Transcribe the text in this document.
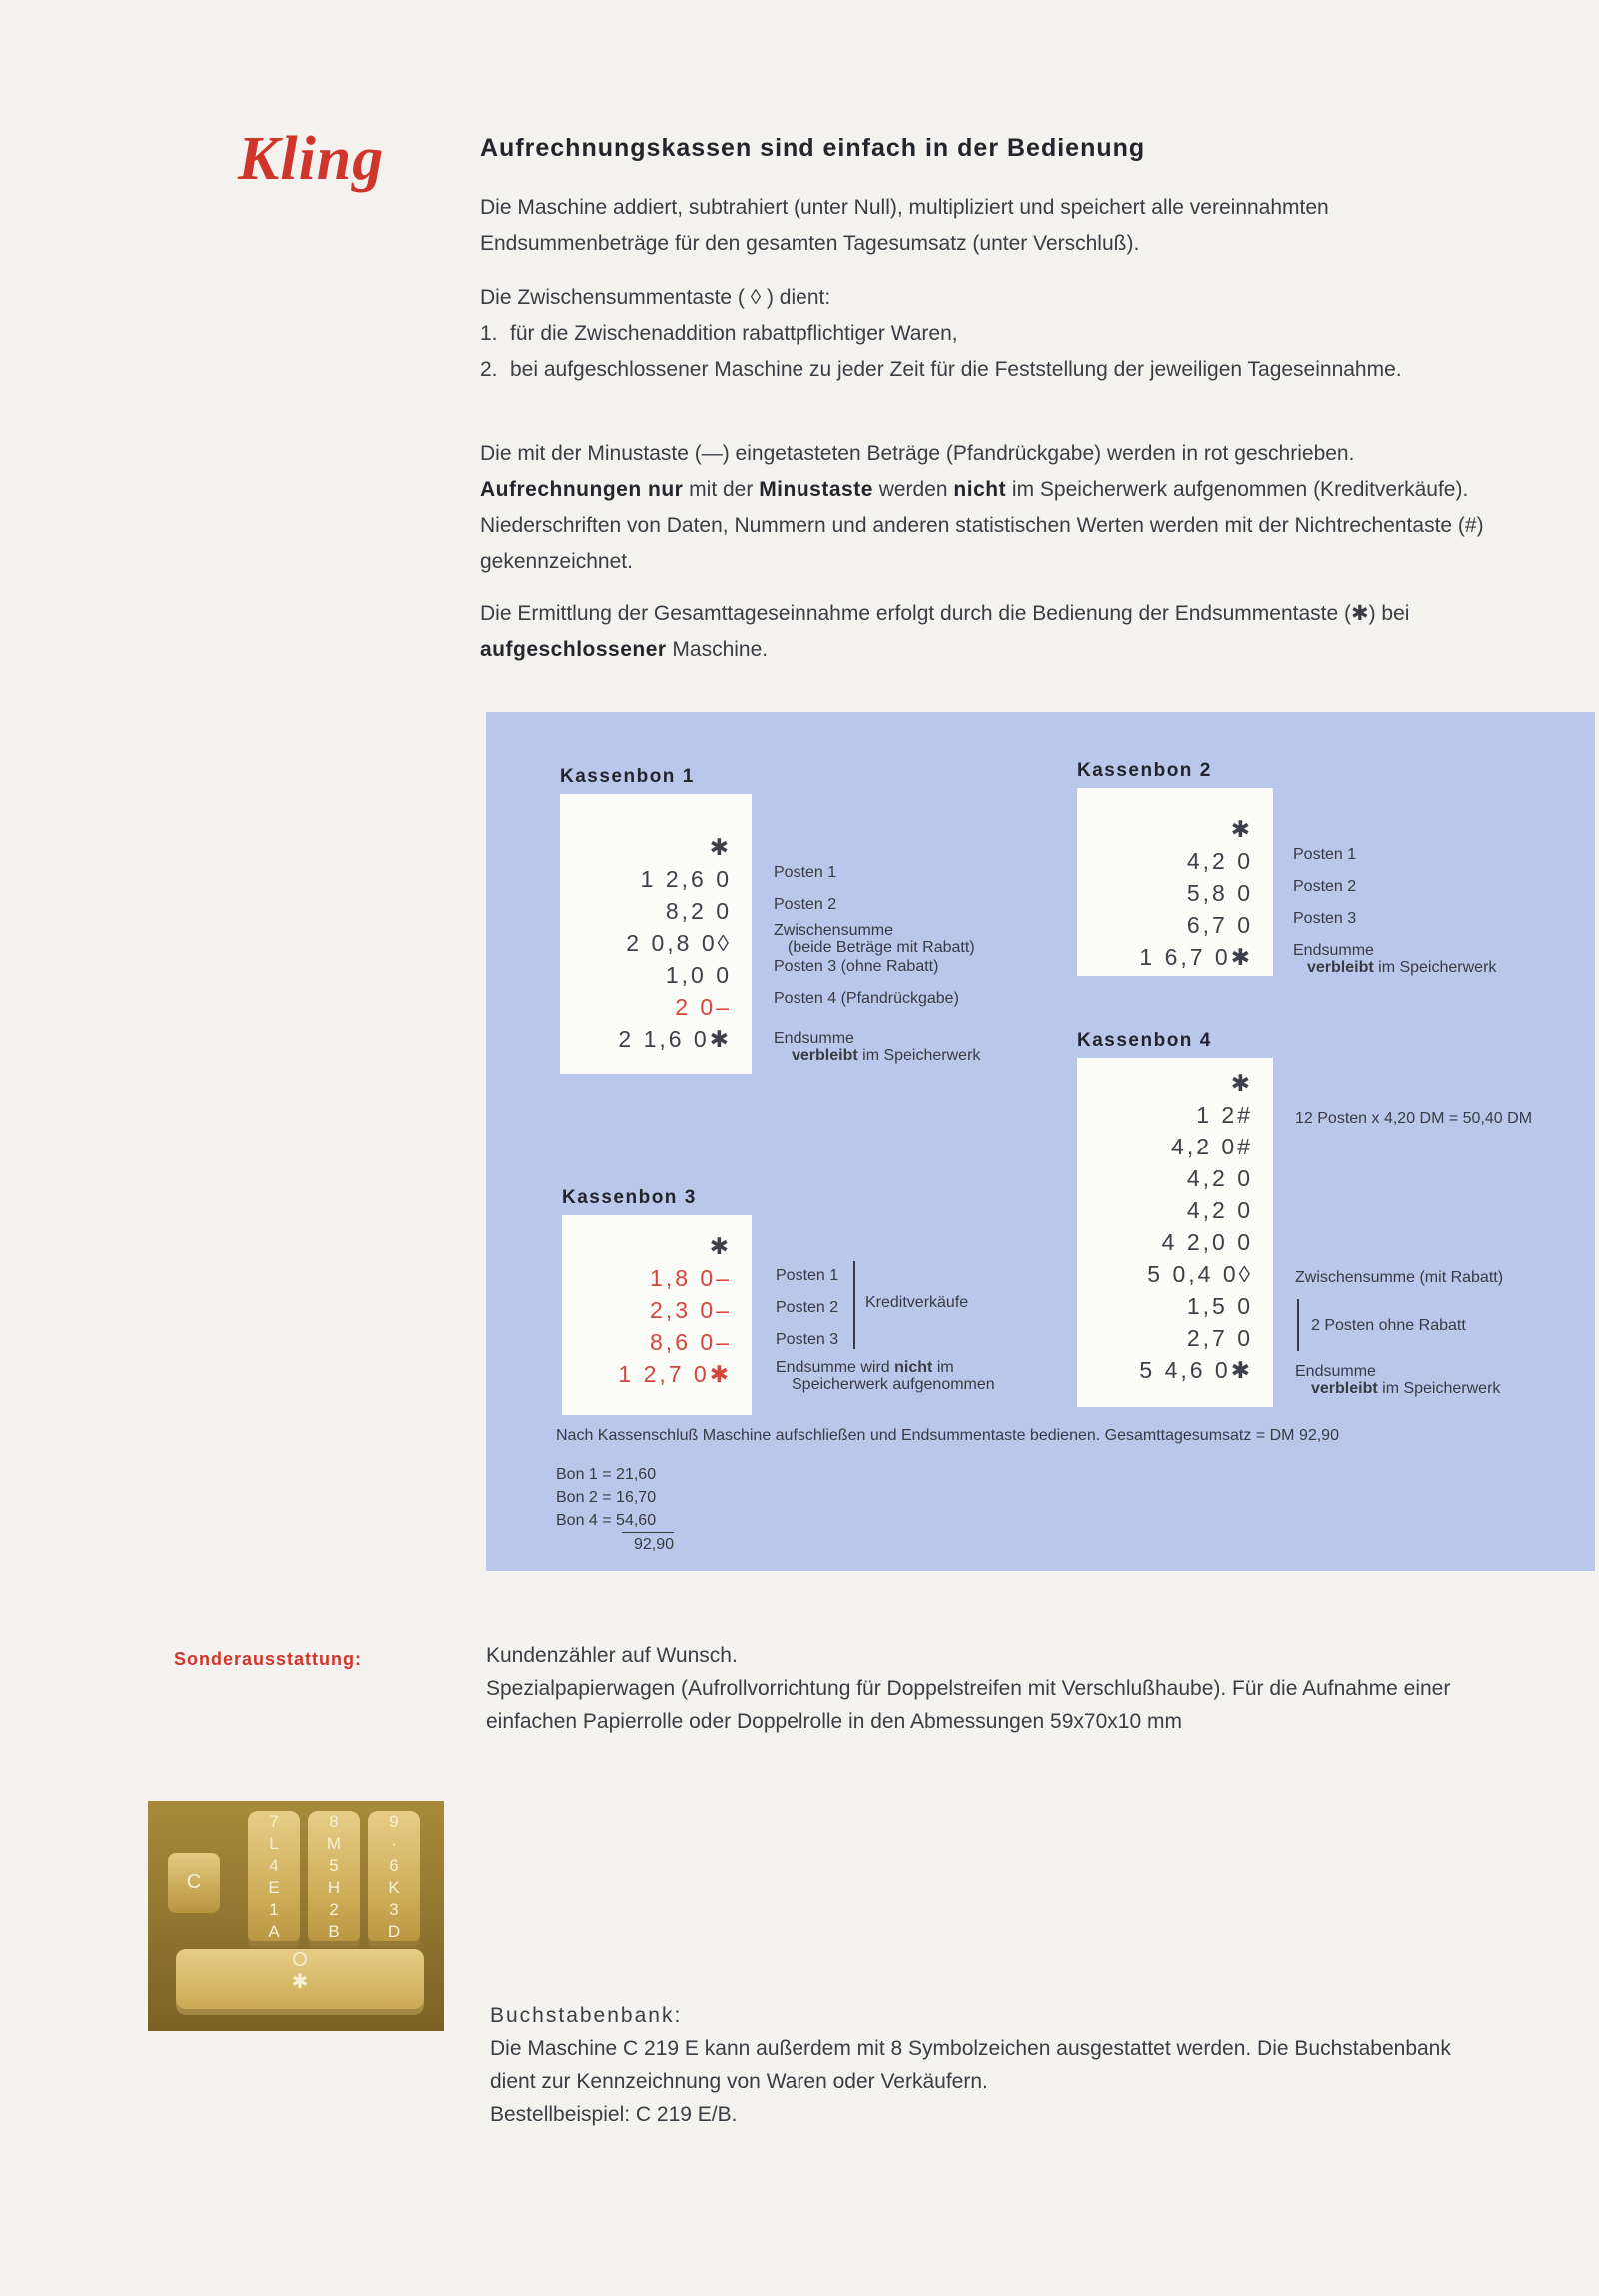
Kling	Aufrechnungskassen sind einfach in der Bedienung
Die Maschine addiert, subtrahiert (unter Null), multipliziert und speichert alle vereinnahmten Endsummenbeträge für den gesamten Tagesumsatz (unter Verschluß).
Die Zwischensummentaste ( ◊ ) dient:
1. für die Zwischenaddition rabattpflichtiger Waren,
2. bei aufgeschlossener Maschine zu jeder Zeit für die Feststellung der jeweiligen Tageseinnahme.
Die mit der Minustaste (—) eingetasteten Beträge (Pfandrückgabe) werden in rot geschrieben. Aufrechnungen nur mit der Minustaste werden nicht im Speicherwerk aufgenommen (Kreditverkäufe). Niederschriften von Daten, Nummern und anderen statistischen Werten werden mit der Nichtrechentaste (#) gekennzeichnet.
Die Ermittlung der Gesamttageseinnahme erfolgt durch die Bedienung der Endsummentaste (✱) bei aufgeschlossener Maschine.
Kassenbon 1
✱
1 2,6 0
8,2 0
2 0,8 0◊
1,0 0
2 0–
2 1,6 0✱
Posten 1
Posten 2
Zwischensumme
(beide Beträge mit Rabatt)
Posten 3 (ohne Rabatt)
Posten 4 (Pfandrückgabe)
Endsumme
verbleibt im Speicherwerk
Kassenbon 2
✱
4,2 0
5,8 0
6,7 0
1 6,7 0✱
Posten 1
Posten 2
Posten 3
Endsumme
verbleibt im Speicherwerk
Kassenbon 3
✱
1,8 0–
2,3 0–
8,6 0–
1 2,7 0✱
Posten 1
Posten 2
Posten 3
Kreditverkäufe
Endsumme wird nicht im
Speicherwerk aufgenommen
Kassenbon 4
✱
1 2#
4,2 0#
4,2 0
4,2 0
4 2,0 0
5 0,4 0◊
1,5 0
2,7 0
5 4,6 0✱
12 Posten x 4,20 DM = 50,40 DM
Zwischensumme (mit Rabatt)
2 Posten ohne Rabatt
Endsumme
verbleibt im Speicherwerk
Nach Kassenschluß Maschine aufschließen und Endsummentaste bedienen. Gesamttagesumsatz = DM 92,90
Bon 1 = 21,60
Bon 2 = 16,70
Bon 4 = 54,60
92,90
Sonderausstattung:	Kundenzähler auf Wunsch.
Spezialpapierwagen (Aufrollvorrichtung für Doppelstreifen mit Verschlußhaube). Für die Aufnahme einer einfachen Papierrolle oder Doppelrolle in den Abmessungen 59x70x10 mm
C
7
L
4
E
1
A
8
M
5
H
2
B
9
·
6
K
3
D
O
✱
Buchstabenbank:
Die Maschine C 219 E kann außerdem mit 8 Symbolzeichen ausgestattet werden. Die Buchstabenbank dient zur Kennzeichnung von Waren oder Verkäufern.
Bestellbeispiel: C 219 E/B.
